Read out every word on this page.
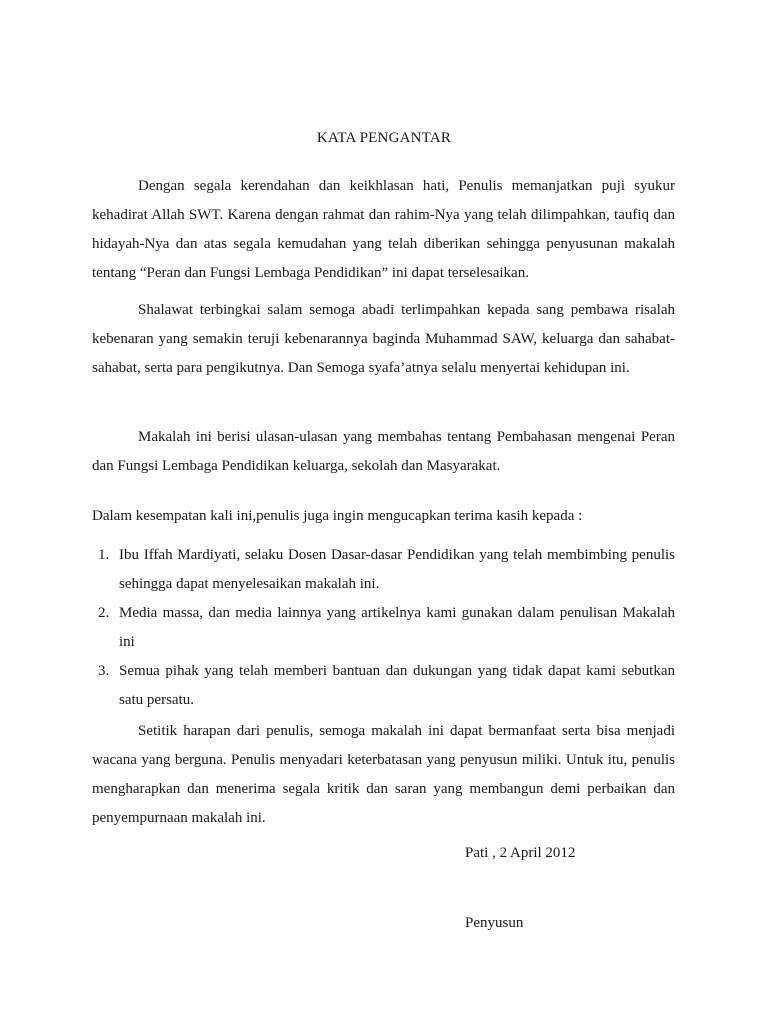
KATA PENGANTAR

Dengan segala kerendahan dan keikhlasan hati, Penulis memanjatkan puji syukur kehadirat Allah SWT. Karena dengan rahmat dan rahim-Nya yang telah dilimpahkan, taufiq dan hidayah-Nya dan atas segala kemudahan yang telah diberikan sehingga penyusunan makalah tentang “Peran dan Fungsi Lembaga Pendidikan” ini dapat terselesaikan.

Shalawat terbingkai salam semoga abadi terlimpahkan kepada sang pembawa risalah kebenaran yang semakin teruji kebenarannya baginda Muhammad SAW, keluarga dan sahabat-sahabat, serta para pengikutnya. Dan Semoga syafa’atnya selalu menyertai kehidupan ini.

Makalah ini berisi ulasan-ulasan yang membahas tentang Pembahasan mengenai Peran dan Fungsi Lembaga Pendidikan keluarga, sekolah dan Masyarakat.

Dalam kesempatan kali ini,penulis juga ingin mengucapkan terima kasih kepada :

1. Ibu Iffah Mardiyati, selaku Dosen Dasar-dasar Pendidikan yang telah membimbing penulis sehingga dapat menyelesaikan makalah ini.
2. Media massa, dan media lainnya yang artikelnya kami gunakan dalam penulisan Makalah ini
3. Semua pihak yang telah memberi bantuan dan dukungan yang tidak dapat kami sebutkan satu persatu.

Setitik harapan dari penulis, semoga makalah ini dapat bermanfaat serta bisa menjadi wacana yang berguna. Penulis menyadari keterbatasan yang penyusun miliki. Untuk itu, penulis mengharapkan dan menerima segala kritik dan saran yang membangun demi perbaikan dan penyempurnaan makalah ini.

Pati , 2 April 2012
Penyusun
